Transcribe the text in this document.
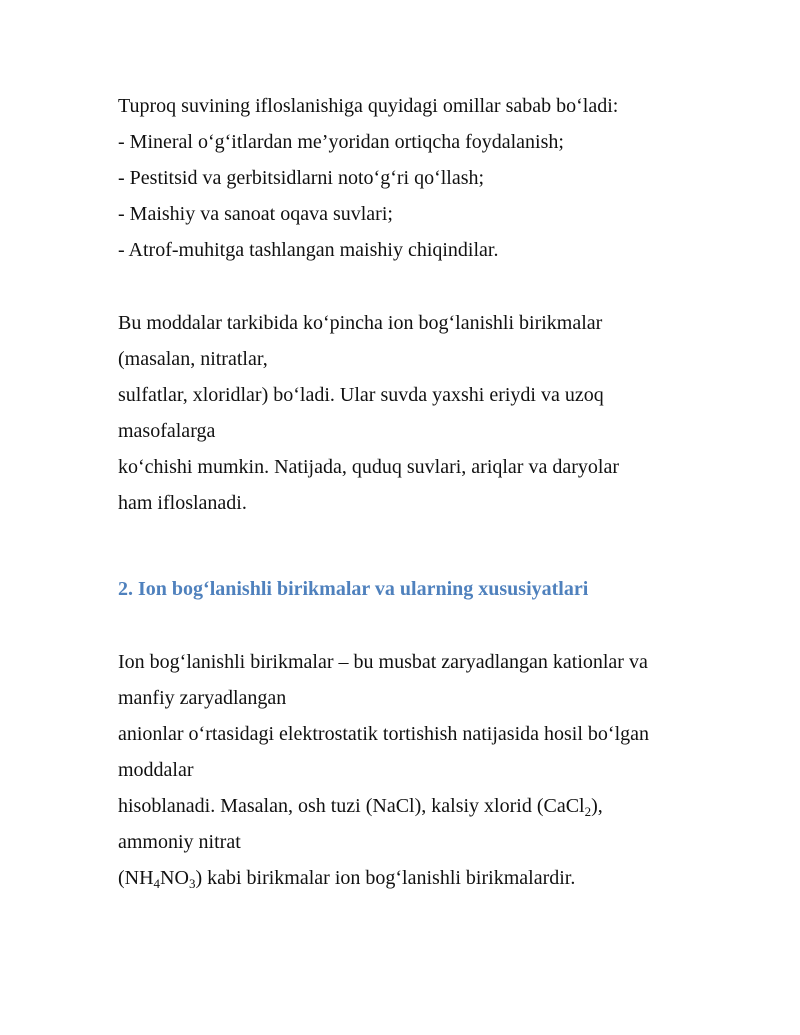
Tuproq suvining ifloslanishiga quyidagi omillar sabab bo‘ladi:
- Mineral o‘g‘itlardan me’yoridan ortiqcha foydalanish;
- Pestitsid va gerbitsidlarni noto‘g‘ri qo‘llash;
- Maishiy va sanoat oqava suvlari;
- Atrof-muhitga tashlangan maishiy chiqindilar.
Bu moddalar tarkibida ko‘pincha ion bog‘lanishli birikmalar
(masalan, nitratlar,
sulfatlar, xloridlar) bo‘ladi. Ular suvda yaxshi eriydi va uzoq
masofalarga
ko‘chishi mumkin. Natijada, quduq suvlari, ariqlar va daryolar
ham ifloslanadi.
2. Ion bog‘lanishli birikmalar va ularning xususiyatlari
Ion bog‘lanishli birikmalar – bu musbat zaryadlangan kationlar va
manfiy zaryadlangan
anionlar o‘rtasidagi elektrostatik tortishish natijasida hosil bo‘lgan
moddalar
hisoblanadi. Masalan, osh tuzi (NaCl), kalsiy xlorid (CaCl$_2$),
ammoniy nitrat
$(NH_4NO_3)$ kabi birikmalar ion bog‘lanishli birikmalardir.
